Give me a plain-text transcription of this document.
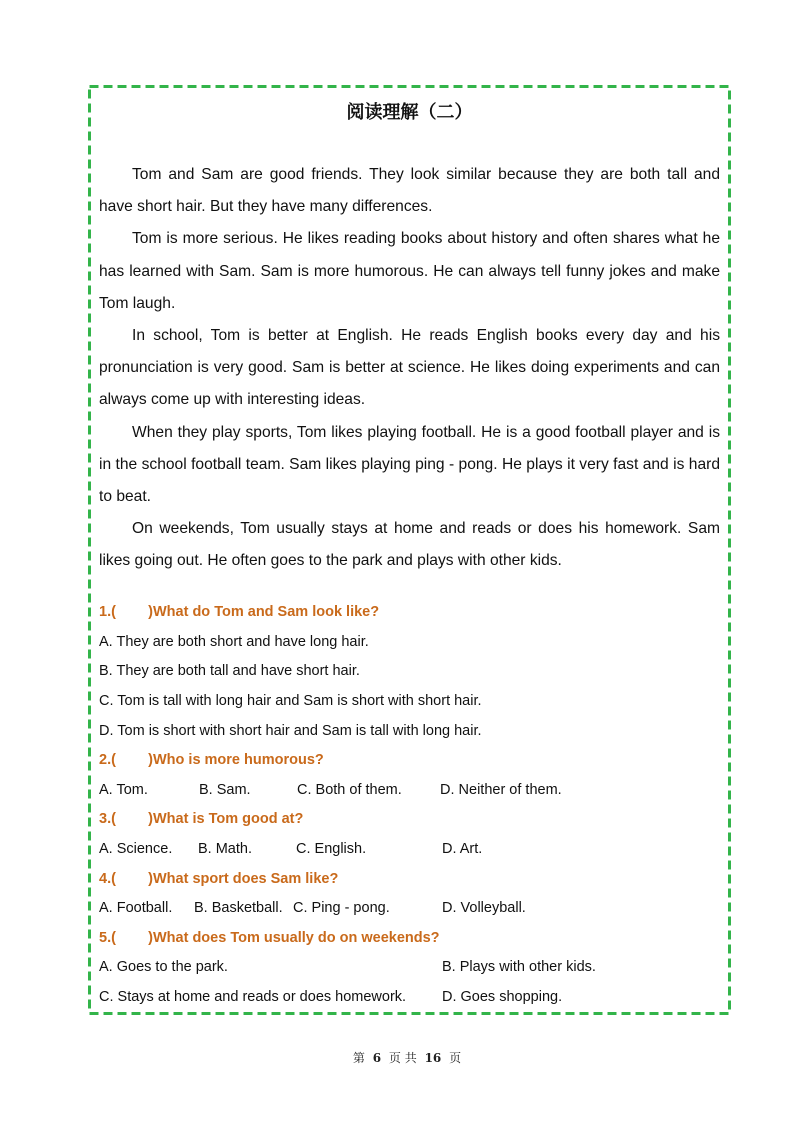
阅读理解（二）

Tom and Sam are good friends. They look similar because they are both tall and have short hair. But they have many differences.

Tom is more serious. He likes reading books about history and often shares what he has learned with Sam. Sam is more humorous. He can always tell funny jokes and make Tom laugh.

In school, Tom is better at English. He reads English books every day and his pronunciation is very good. Sam is better at science. He likes doing experiments and can always come up with interesting ideas.

When they play sports, Tom likes playing football. He is a good football player and is in the school football team. Sam likes playing ping - pong. He plays it very fast and is hard to beat.

On weekends, Tom usually stays at home and reads or does his homework. Sam likes going out. He often goes to the park and plays with other kids.

1.(        )What do Tom and Sam look like?
A. They are both short and have long hair.
B. They are both tall and have short hair.
C. Tom is tall with long hair and Sam is short with short hair.
D. Tom is short with short hair and Sam is tall with long hair.
2.(        )Who is more humorous?
A. Tom.	B. Sam.	C. Both of them.	D. Neither of them.
3.(        )What is Tom good at?
A. Science. B. Math.	C. English.	D. Art.
4.(        )What sport does Sam like?
A. Football. B. Basketball. C. Ping - pong.	D. Volleyball.
5.(        )What does Tom usually do on weekends?
A. Goes to the park.	B. Plays with other kids.
C. Stays at home and reads or does homework. D. Goes shopping.
第 6 页 共 16 页
